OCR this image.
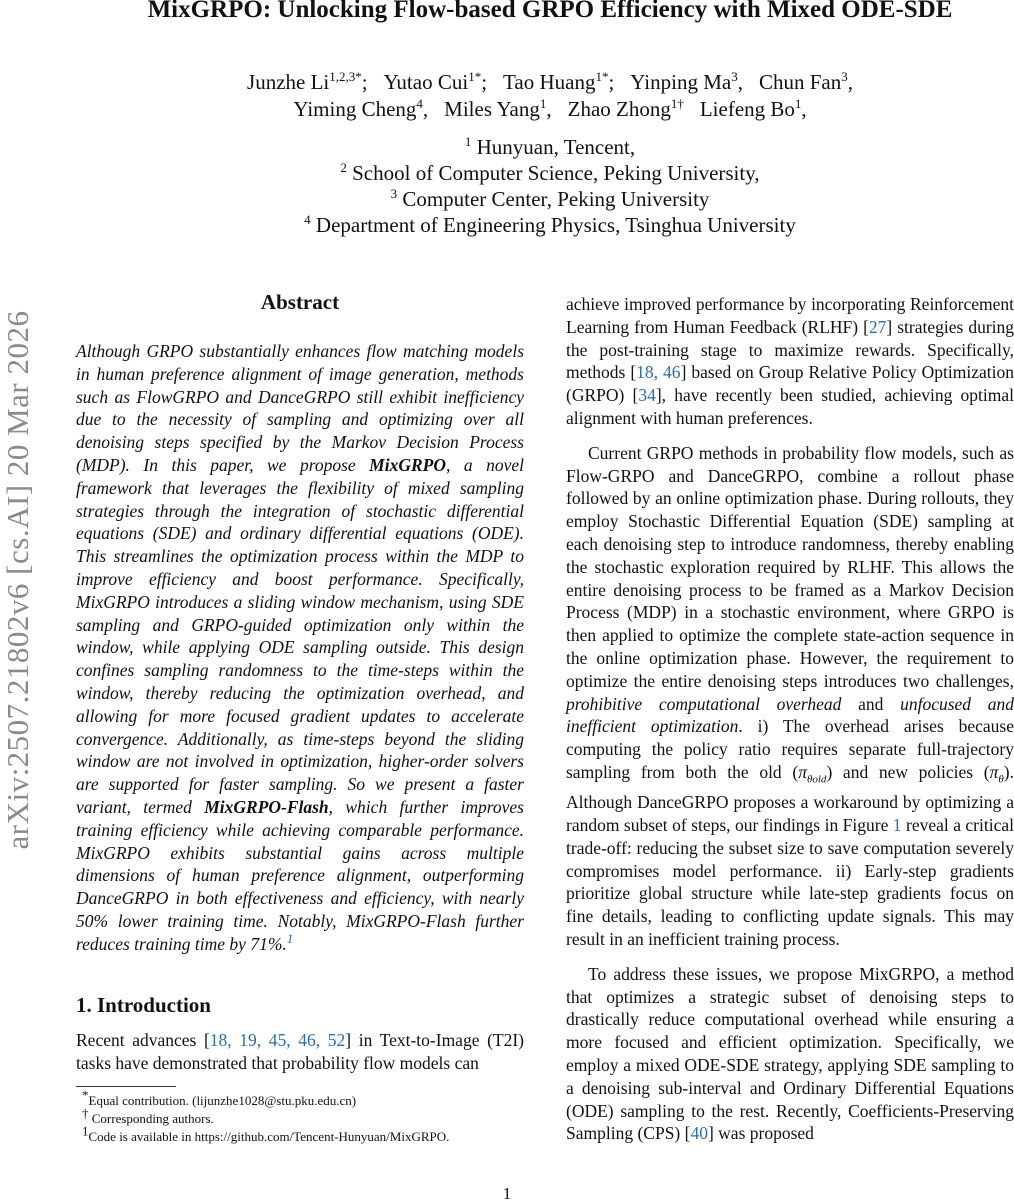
arXiv:2507.21802v6 [cs.AI] 20 Mar 2026
MixGRPO: Unlocking Flow-based GRPO Efficiency with Mixed ODE-SDE
Junzhe $Li^{1,2,3*}$; Yutao Cui$^{1*}$; Tao Huang$^{1*}$; Yinping Ma$^3$, Chun Fan$^3$,
Yiming Cheng$^4$, Miles Yang$^1$, Zhao Zhong$^{1\dagger}$ Liefeng Bo$^1$,
$^1$ Hunyuan, Tencent,
$^2$ School of Computer Science, Peking University,
$^3$ Computer Center, Peking University
$^4$ Department of Engineering Physics, Tsinghua University
Abstract
Although GRPO substantially enhances flow matching models in human preference alignment of image generation, methods such as FlowGRPO and DanceGRPO still exhibit inefficiency due to the necessity of sampling and optimizing over all denoising steps specified by the Markov Decision Process (MDP). In this paper, we propose MixGRPO, a novel framework that leverages the flexibility of mixed sampling strategies through the integration of stochastic differential equations (SDE) and ordinary differential equations (ODE). This streamlines the optimization process within the MDP to improve efficiency and boost performance. Specifically, MixGRPO introduces a sliding window mechanism, using SDE sampling and GRPO-guided optimization only within the window, while applying ODE sampling outside. This design confines sampling randomness to the time-steps within the window, thereby reducing the optimization overhead, and allowing for more focused gradient updates to accelerate convergence. Additionally, as time-steps beyond the sliding window are not involved in optimization, higher-order solvers are supported for faster sampling. So we present a faster variant, termed MixGRPO-Flash, which further improves training efficiency while achieving comparable performance. MixGRPO exhibits substantial gains across multiple dimensions of human preference alignment, outperforming DanceGRPO in both effectiveness and efficiency, with nearly 50% lower training time. Notably, MixGRPO-Flash further reduces training time by 71%.$^1$
1. Introduction
Recent advances [18, 19, 45, 46, 52] in Text-to-Image (T2I) tasks have demonstrated that probability flow models can
*Equal contribution. (lijunzhe1028@stu.pku.edu.cn)
† Corresponding authors.
1Code is available in https://github.com/Tencent-Hunyuan/MixGRPO.

achieve improved performance by incorporating Reinforcement Learning from Human Feedback (RLHF) [27] strategies during the post-training stage to maximize rewards. Specifically, methods [18, 46] based on Group Relative Policy Optimization (GRPO) [34], have recently been studied, achieving optimal alignment with human preferences.

Current GRPO methods in probability flow models, such as Flow-GRPO and DanceGRPO, combine a rollout phase followed by an online optimization phase. During rollouts, they employ Stochastic Differential Equation (SDE) sampling at each denoising step to introduce randomness, thereby enabling the stochastic exploration required by RLHF. This allows the entire denoising process to be framed as a Markov Decision Process (MDP) in a stochastic environment, where GRPO is then applied to optimize the complete state-action sequence in the online optimization phase. However, the requirement to optimize the entire denoising steps introduces two challenges, prohibitive computational overhead and unfocused and inefficient optimization. i) The overhead arises because computing the policy ratio requires separate full-trajectory sampling from both the old $(\pi_{\theta old})$ and new policies $(\pi_\theta)$. Although DanceGRPO proposes a workaround by optimizing a random subset of steps, our findings in Figure 1 reveal a critical trade-off: reducing the subset size to save computation severely compromises model performance. ii) Early-step gradients prioritize global structure while late-step gradients focus on fine details, leading to conflicting update signals. This may result in an inefficient training process.

To address these issues, we propose MixGRPO, a method that optimizes a strategic subset of denoising steps to drastically reduce computational overhead while ensuring a more focused and efficient optimization. Specifically, we employ a mixed ODE-SDE strategy, applying SDE sampling to a denoising sub-interval and Ordinary Differential Equations (ODE) sampling to the rest. Recently, Coefficients-Preserving Sampling (CPS) [40] was proposed

1
